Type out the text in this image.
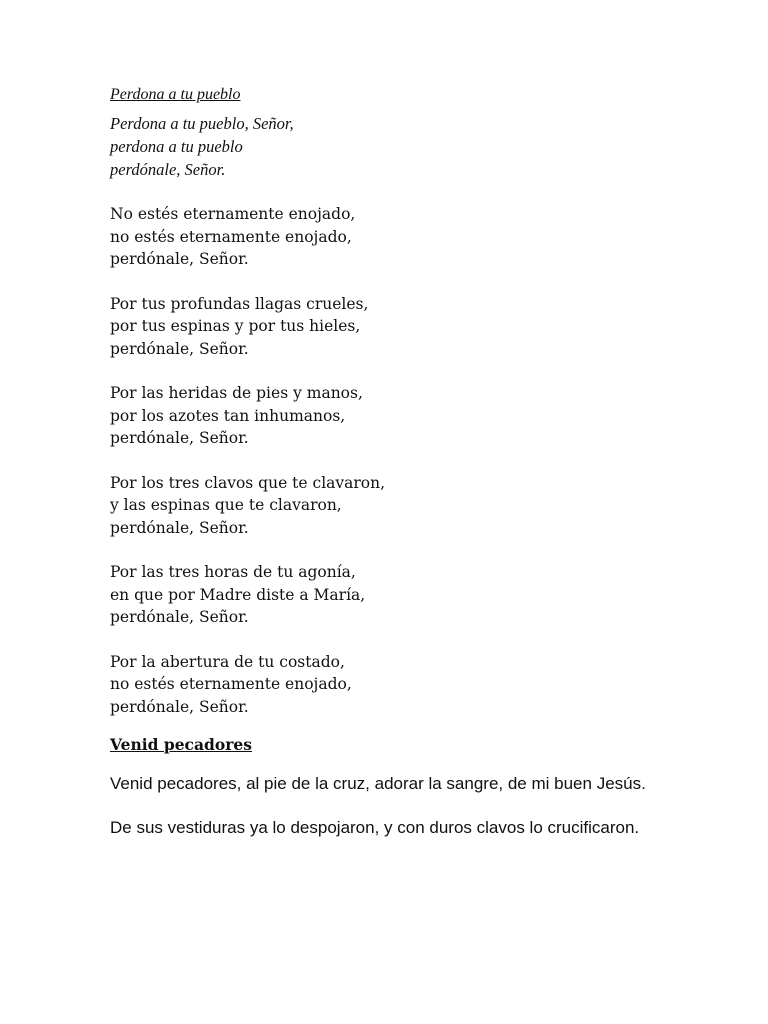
Perdona a tu pueblo
Perdona a tu pueblo, Señor,
perdona a tu pueblo
perdónale, Señor.
No estés eternamente enojado,
no estés eternamente enojado,
perdónale, Señor.
Por tus profundas llagas crueles,
por tus espinas y por tus hieles,
perdónale, Señor.
Por las heridas de pies y manos,
por los azotes tan inhumanos,
perdónale, Señor.
Por los tres clavos que te clavaron,
y las espinas que te clavaron,
perdónale, Señor.
Por las tres horas de tu agonía,
en que por Madre diste a María,
perdónale, Señor.
Por la abertura de tu costado,
no estés eternamente enojado,
perdónale, Señor.
Venid pecadores

Venid pecadores, al pie de la cruz, adorar la sangre, de mi buen Jesús.

De sus vestiduras ya lo despojaron, y con duros clavos lo crucificaron.
